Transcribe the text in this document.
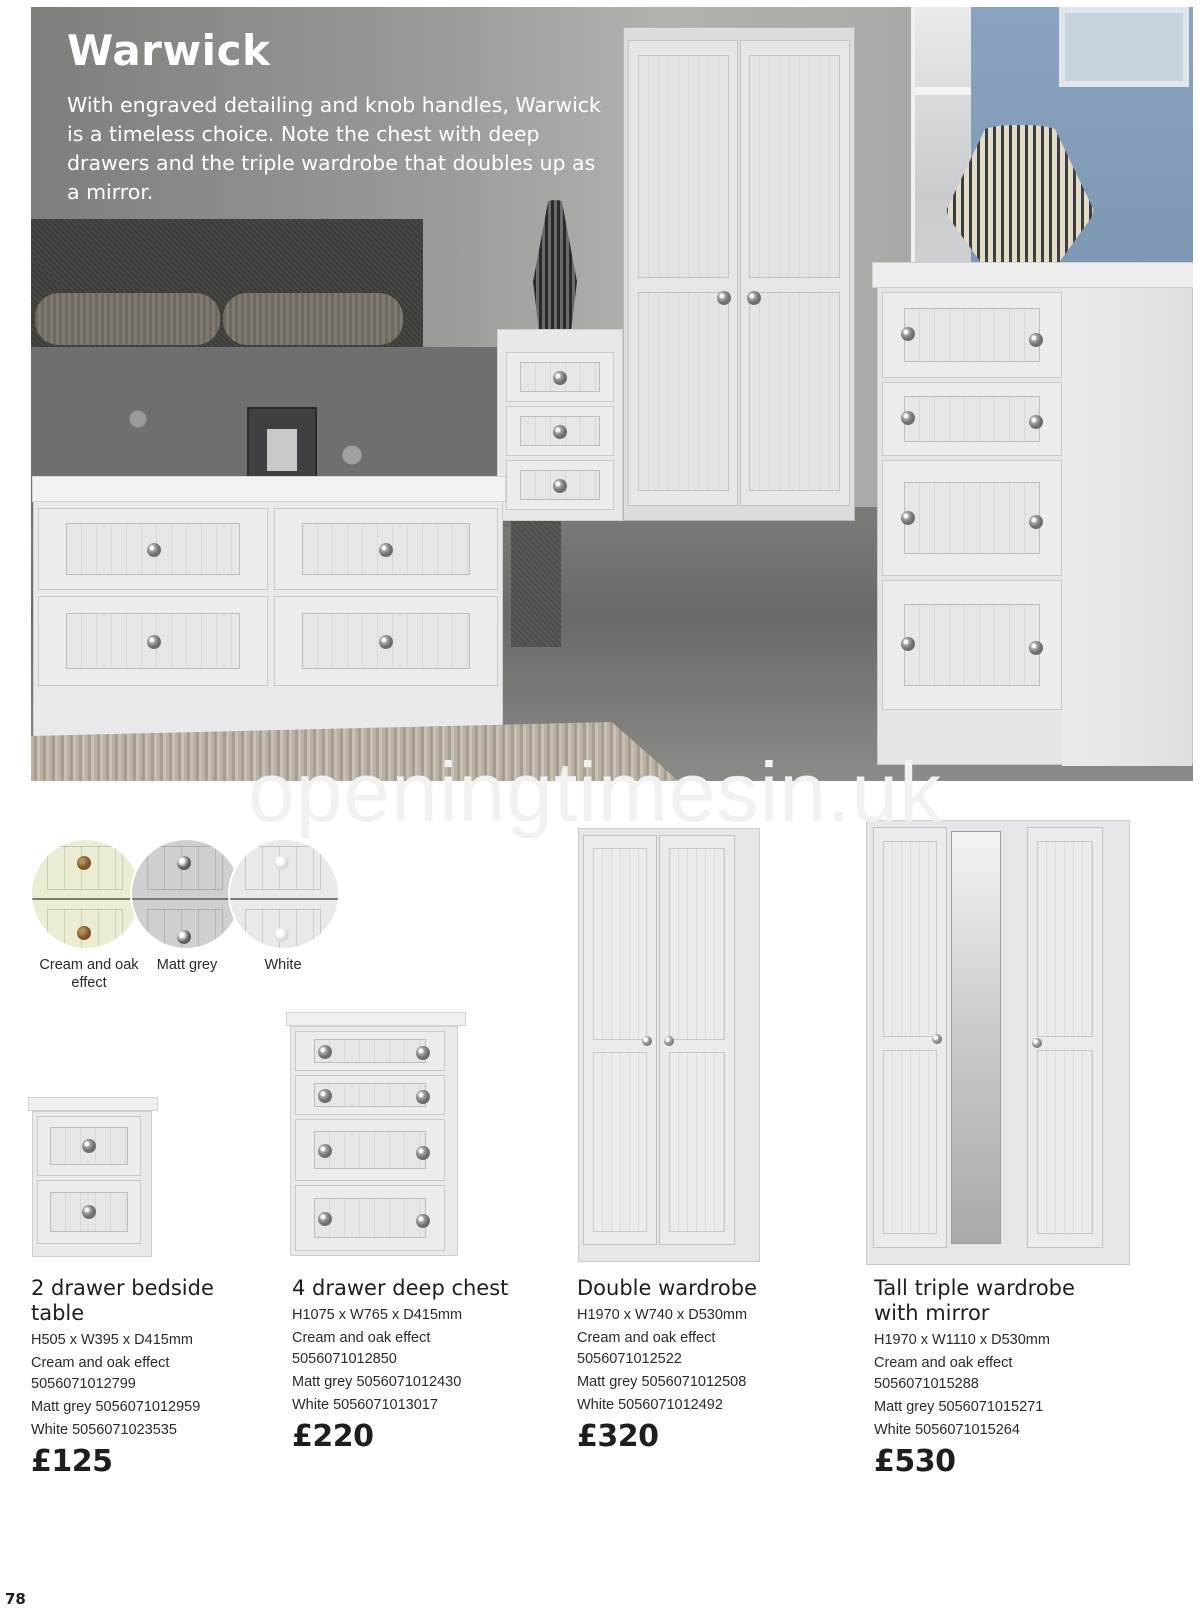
Warwick

With engraved detailing and knob handles, Warwick is a timeless choice. Note the chest with deep drawers and the triple wardrobe that doubles up as a mirror.

openingtimesin.uk
Cream and oak effect
Matt grey	White
2 drawer bedside table
H505 x W395 x D415mm
Cream and oak effect 5056071012799
Matt grey 5056071012959
White 5056071023535
£125
4 drawer deep chest
H1075 x W765 x D415mm
Cream and oak effect 5056071012850
Matt grey 5056071012430
White 5056071013017
£220
Double wardrobe
H1970 x W740 x D530mm
Cream and oak effect 5056071012522
Matt grey 5056071012508
White 5056071012492
£320
Tall triple wardrobe with mirror
H1970 x W1110 x D530mm
Cream and oak effect 5056071015288
Matt grey 5056071015271
White 5056071015264
£530
78
